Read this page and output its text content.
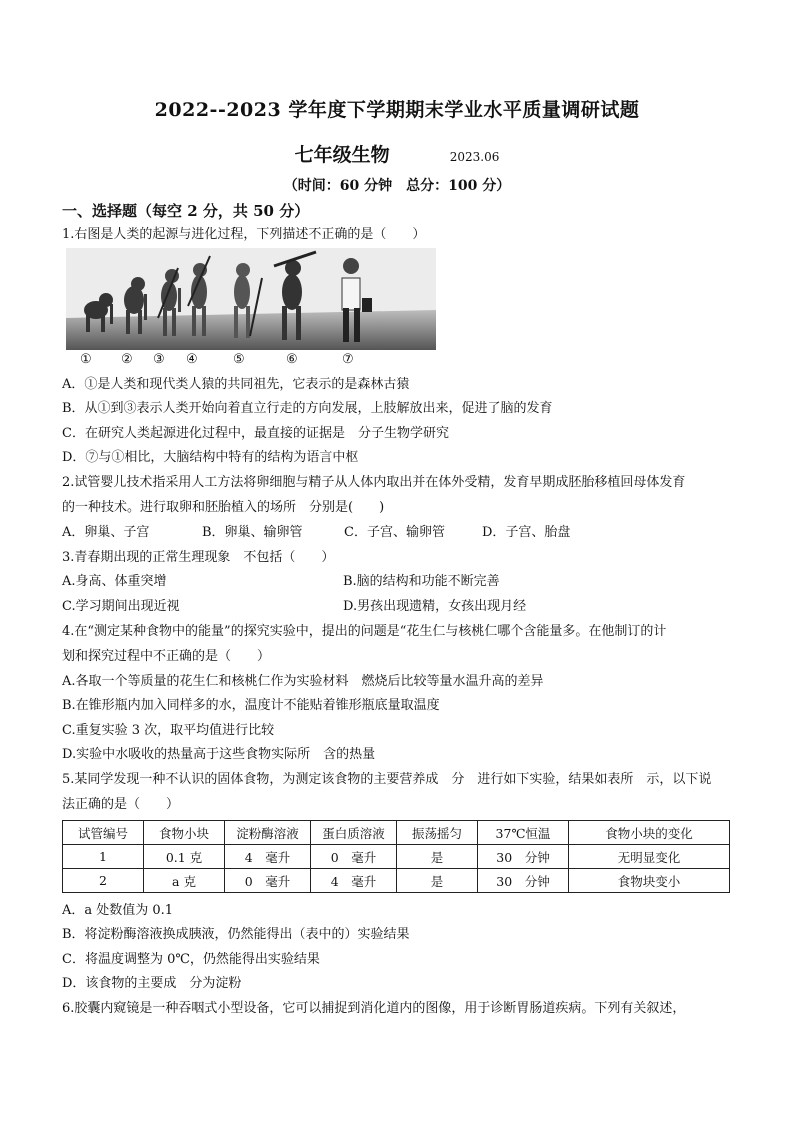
2022--2023 学年度下学期期末学业水平质量调研试题
七年级生物	2023.06
（时间：60 分钟　总分：100 分）
一、选择题（每空 2 分，共 50 分）
1.右图是人类的起源与进化过程，下列描述不正确的是（　　）
① ② ③ ④	⑤	⑥	⑦
A．①是人类和现代类人猿的共同祖先，它表示的是森林古猿
B．从①到③表示人类开始向着直立行走的方向发展，上肢解放出来，促进了脑的发育
C．在研究人类起源进化过程中，最直接的证据是　分子生物学研究
D．⑦与①相比，大脑结构中特有的结构为语言中枢
2.试管婴儿技术指采用人工方法将卵细胞与精子从人体内取出并在体外受精，发育早期成胚胎移植回母体发育
的一种技术。进行取卵和胚胎植入的场所　分别是(　　)
A．卵巢、子宫	B．卵巢、输卵管	C．子宫、输卵管	D．子宫、胎盘
3.青春期出现的正常生理现象　不包括（　　）
A.身高、体重突增	B.脑的结构和功能不断完善
C.学习期间出现近视	D.男孩出现遗精，女孩出现月经
4.在“测定某种食物中的能量”的探究实验中，提出的问题是“花生仁与核桃仁哪个含能量多。在他制订的计
划和探究过程中不正确的是（　　）
A.各取一个等质量的花生仁和核桃仁作为实验材料　燃烧后比较等量水温升高的差异
B.在锥形瓶内加入同样多的水，温度计不能贴着锥形瓶底量取温度
C.重复实验 3 次，取平均值进行比较
D.实验中水吸收的热量高于这些食物实际所　含的热量
5.某同学发现一种不认识的固体食物，为测定该食物的主要营养成　分　进行如下实验，结果如表所　示，以下说
法正确的是（　　）
试管编号	食物小块	淀粉酶溶液	蛋白质溶液	振荡摇匀	37℃恒温	食物小块的变化
1	0.1 克	4　毫升	0　毫升	是	30　分钟	无明显变化
2	a 克	0　毫升	4　毫升	是	30　分钟	食物块变小
A．a 处数值为 0.1
B．将淀粉酶溶液换成胰液，仍然能得出（表中的）实验结果
C．将温度调整为 0℃，仍然能得出实验结果
D．该食物的主要成　分为淀粉
6.胶囊内窥镜是一种吞咽式小型设备，它可以捕捉到消化道内的图像，用于诊断胃肠道疾病。下列有关叙述，
